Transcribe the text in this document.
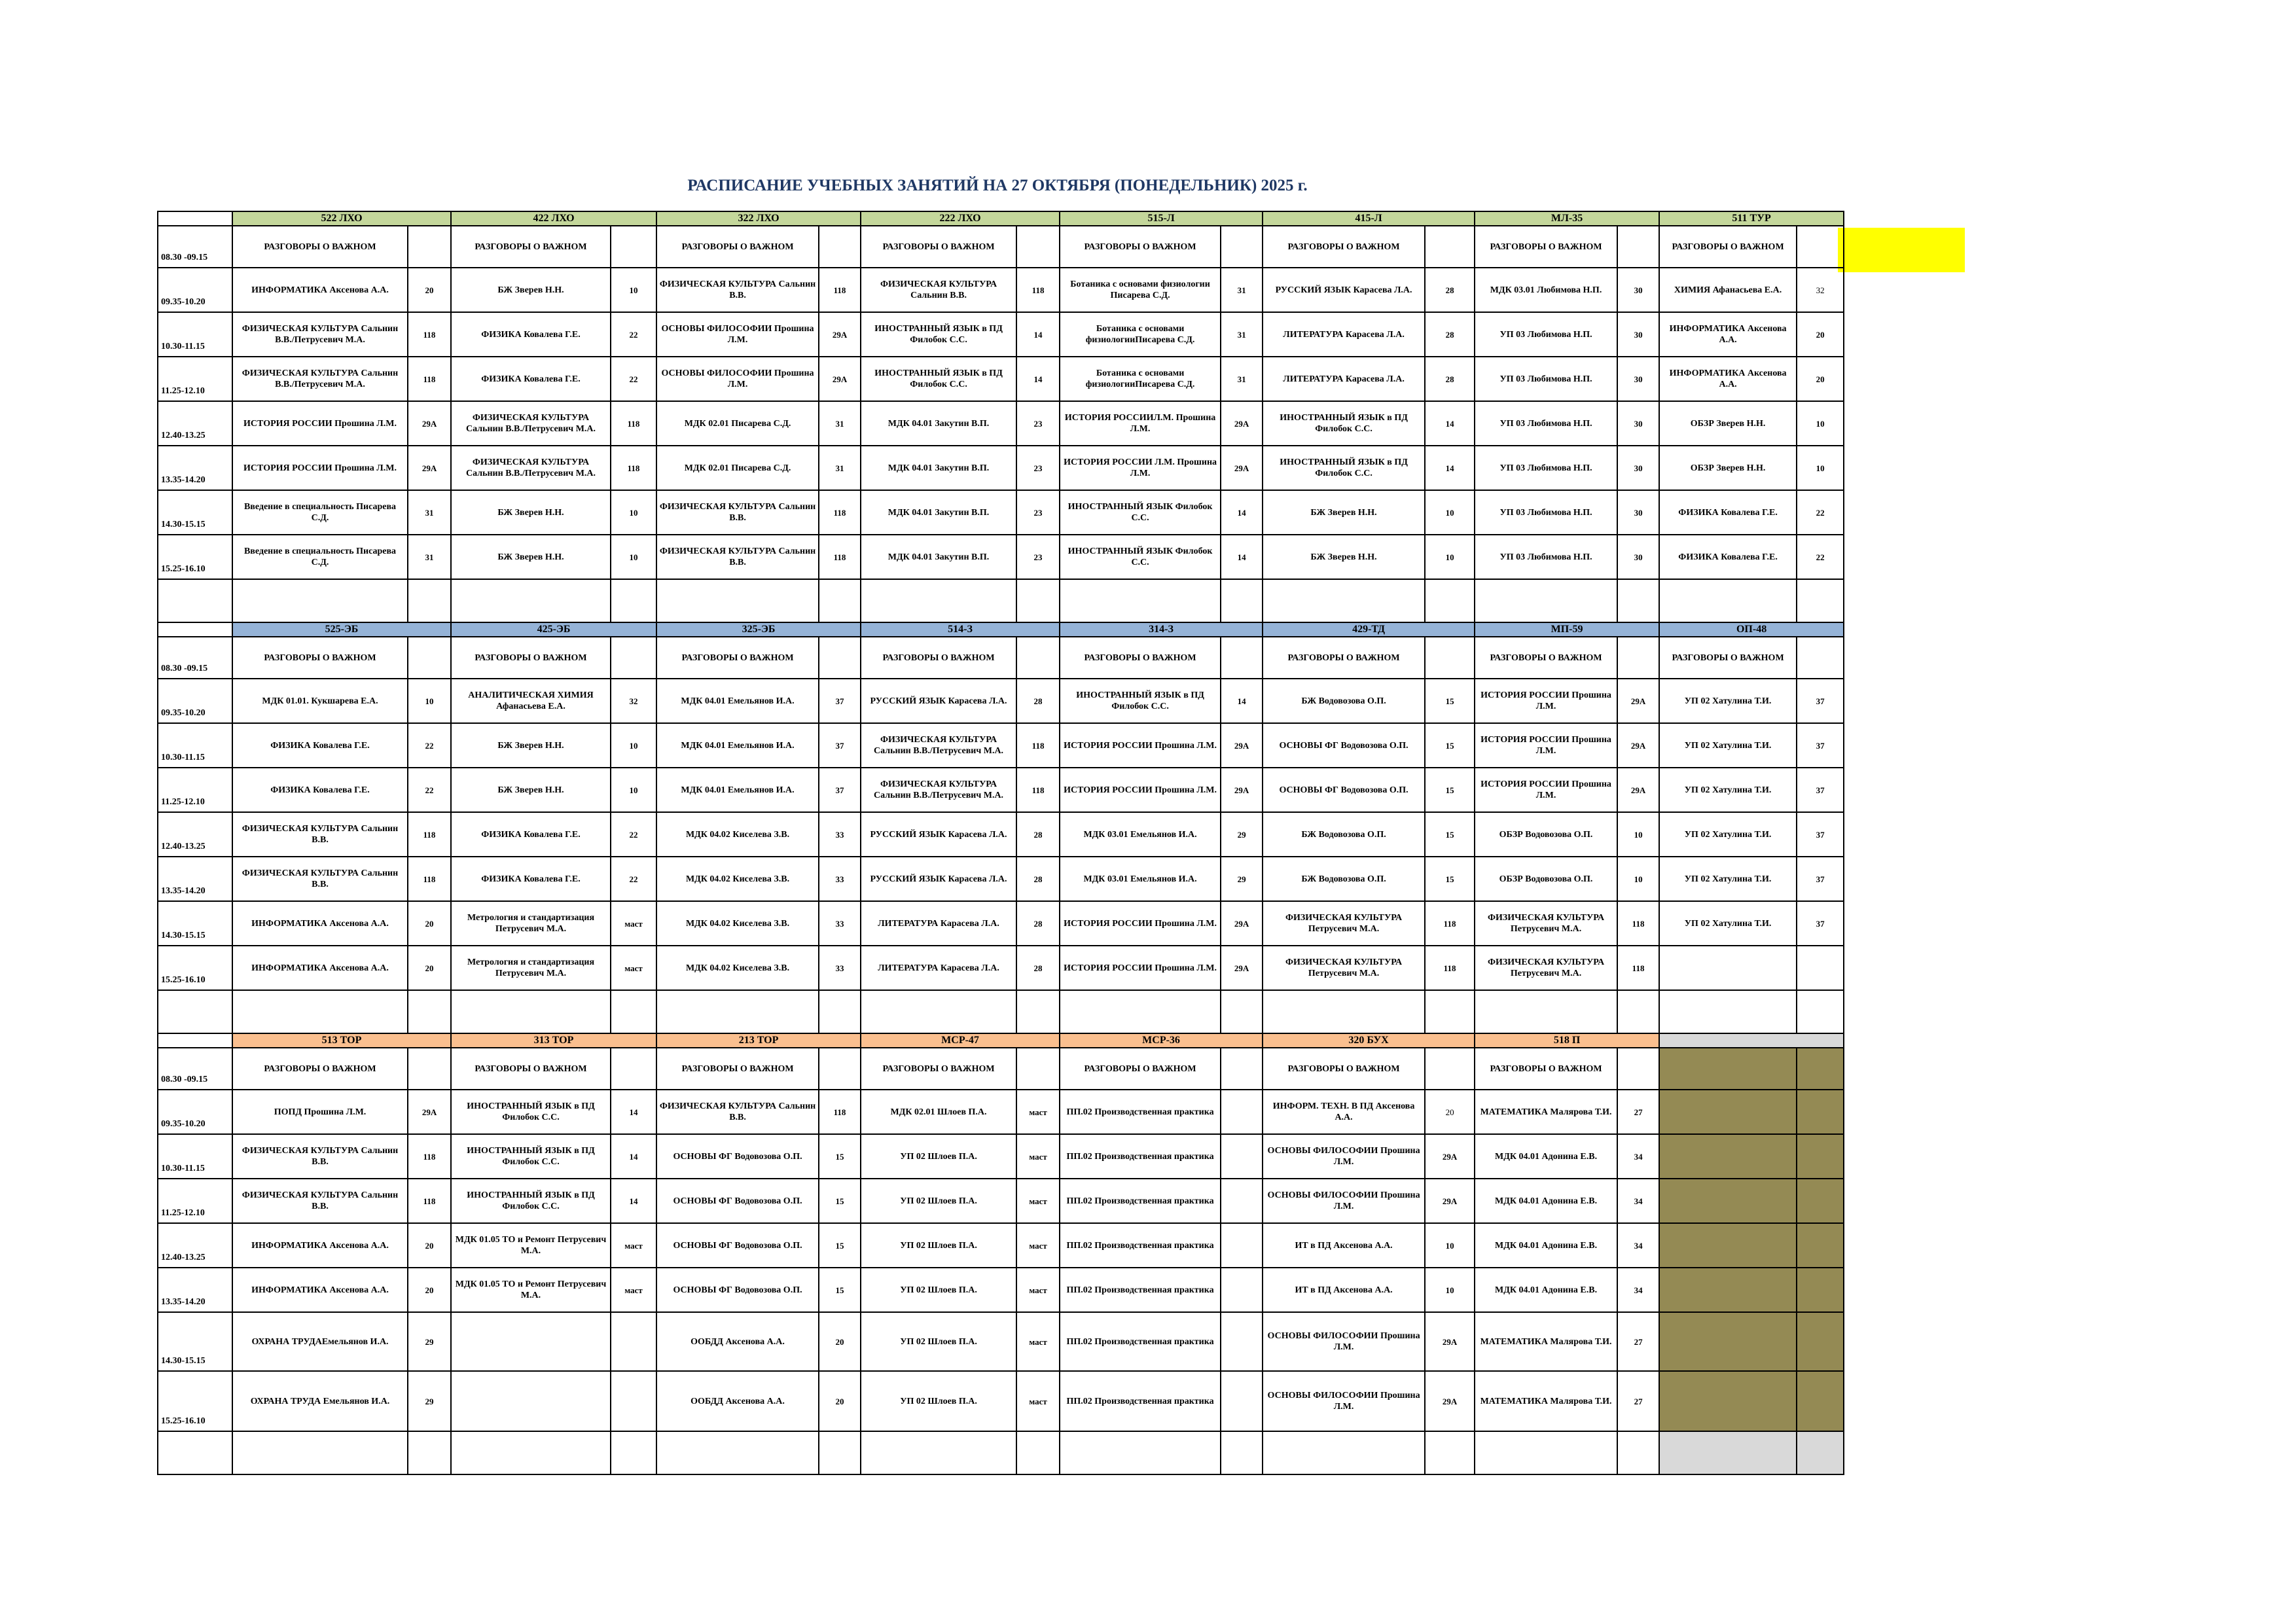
РАСПИСАНИЕ УЧЕБНЫХ ЗАНЯТИЙ НА 27 ОКТЯБРЯ (ПОНЕДЕЛЬНИК) 2025 г.
	522 ЛХО		422 ЛХО		322 ЛХО		222 ЛХО		515-Л		415-Л		МЛ-35		511 ТУР	
08.30 -09.15	РАЗГОВОРЫ О ВАЖНОМ		РАЗГОВОРЫ О ВАЖНОМ		РАЗГОВОРЫ О ВАЖНОМ		РАЗГОВОРЫ О ВАЖНОМ		РАЗГОВОРЫ О ВАЖНОМ		РАЗГОВОРЫ О ВАЖНОМ		РАЗГОВОРЫ О ВАЖНОМ		РАЗГОВОРЫ О ВАЖНОМ	
09.35-10.20	ИНФОРМАТИКА Аксенова А.А.	20	БЖ Зверев Н.Н.	10	ФИЗИЧЕСКАЯ КУЛЬТУРА Сальнин В.В.	118	ФИЗИЧЕСКАЯ КУЛЬТУРА Сальнин В.В.	118	Ботаника с основами физиологии Писарева С.Д.	31	РУССКИЙ ЯЗЫК Карасева Л.А.	28	МДК 03.01 Любимова Н.П.	30	ХИМИЯ Афанасьева Е.А.	32
10.30-11.15	ФИЗИЧЕСКАЯ КУЛЬТУРА Сальнин В.В./Петрусевич М.А.	118	ФИЗИКА Ковалева Г.Е.	22	ОСНОВЫ ФИЛОСОФИИ Прошина Л.М.	29А	ИНОСТРАННЫЙ ЯЗЫК в ПД Филобок С.С.	14	Ботаника с основами физиологииПисарева С.Д.	31	ЛИТЕРАТУРА Карасева Л.А.	28	УП 03 Любимова Н.П.	30	ИНФОРМАТИКА Аксенова А.А.	20
11.25-12.10	ФИЗИЧЕСКАЯ КУЛЬТУРА Сальнин В.В./Петрусевич М.А.	118	ФИЗИКА Ковалева Г.Е.	22	ОСНОВЫ ФИЛОСОФИИ Прошина Л.М.	29А	ИНОСТРАННЫЙ ЯЗЫК в ПД Филобок С.С.	14	Ботаника с основами физиологииПисарева С.Д.	31	ЛИТЕРАТУРА Карасева Л.А.	28	УП 03 Любимова Н.П.	30	ИНФОРМАТИКА Аксенова А.А.	20
12.40-13.25	ИСТОРИЯ РОССИИ Прошина Л.М.	29А	ФИЗИЧЕСКАЯ КУЛЬТУРА Сальнин В.В./Петрусевич М.А.	118	МДК 02.01 Писарева С.Д.	31	МДК 04.01 Закутин В.П.	23	ИСТОРИЯ РОССИИЛ.М. Прошина Л.М.	29А	ИНОСТРАННЫЙ ЯЗЫК в ПД Филобок С.С.	14	УП 03 Любимова Н.П.	30	ОБЗР Зверев Н.Н.	10
13.35-14.20	ИСТОРИЯ РОССИИ Прошина Л.М.	29А	ФИЗИЧЕСКАЯ КУЛЬТУРА Сальнин В.В./Петрусевич М.А.	118	МДК 02.01 Писарева С.Д.	31	МДК 04.01 Закутин В.П.	23	ИСТОРИЯ РОССИИ Л.М. Прошина Л.М.	29А	ИНОСТРАННЫЙ ЯЗЫК в ПД Филобок С.С.	14	УП 03 Любимова Н.П.	30	ОБЗР Зверев Н.Н.	10
14.30-15.15	Введение в специальность Писарева С.Д.	31	БЖ Зверев Н.Н.	10	ФИЗИЧЕСКАЯ КУЛЬТУРА Сальнин В.В.	118	МДК 04.01 Закутин В.П.	23	ИНОСТРАННЫЙ ЯЗЫК Филобок С.С.	14	БЖ Зверев Н.Н.	10	УП 03 Любимова Н.П.	30	ФИЗИКА Ковалева Г.Е.	22
15.25-16.10	Введение в специальность Писарева С.Д.	31	БЖ Зверев Н.Н.	10	ФИЗИЧЕСКАЯ КУЛЬТУРА Сальнин В.В.	118	МДК 04.01 Закутин В.П.	23	ИНОСТРАННЫЙ ЯЗЫК Филобок С.С.	14	БЖ Зверев Н.Н.	10	УП 03 Любимова Н.П.	30	ФИЗИКА Ковалева Г.Е.	22

	525-ЭБ		425-ЭБ		325-ЭБ		514-З		314-З		429-ТД		МП-59		ОП-48	
08.30 -09.15	РАЗГОВОРЫ О ВАЖНОМ		РАЗГОВОРЫ О ВАЖНОМ		РАЗГОВОРЫ О ВАЖНОМ		РАЗГОВОРЫ О ВАЖНОМ		РАЗГОВОРЫ О ВАЖНОМ		РАЗГОВОРЫ О ВАЖНОМ		РАЗГОВОРЫ О ВАЖНОМ		РАЗГОВОРЫ О ВАЖНОМ	
09.35-10.20	МДК 01.01. Кукшарева Е.А.	10	АНАЛИТИЧЕСКАЯ ХИМИЯ Афанасьева Е.А.	32	МДК 04.01 Емельянов И.А.	37	РУССКИЙ ЯЗЫК Карасева Л.А.	28	ИНОСТРАННЫЙ ЯЗЫК в ПД Филобок С.С.	14	БЖ Водовозова О.П.	15	ИСТОРИЯ РОССИИ Прошина Л.М.	29А	УП 02 Хатулина Т.И.	37
10.30-11.15	ФИЗИКА Ковалева Г.Е.	22	БЖ Зверев Н.Н.	10	МДК 04.01 Емельянов И.А.	37	ФИЗИЧЕСКАЯ КУЛЬТУРА Сальнин В.В./Петрусевич М.А.	118	ИСТОРИЯ РОССИИ Прошина Л.М.	29А	ОСНОВЫ ФГ Водовозова О.П.	15	ИСТОРИЯ РОССИИ Прошина Л.М.	29А	УП 02 Хатулина Т.И.	37
11.25-12.10	ФИЗИКА Ковалева Г.Е.	22	БЖ Зверев Н.Н.	10	МДК 04.01 Емельянов И.А.	37	ФИЗИЧЕСКАЯ КУЛЬТУРА Сальнин В.В./Петрусевич М.А.	118	ИСТОРИЯ РОССИИ Прошина Л.М.	29А	ОСНОВЫ ФГ Водовозова О.П.	15	ИСТОРИЯ РОССИИ Прошина Л.М.	29А	УП 02 Хатулина Т.И.	37
12.40-13.25	ФИЗИЧЕСКАЯ КУЛЬТУРА Сальнин В.В.	118	ФИЗИКА Ковалева Г.Е.	22	МДК 04.02 Киселева З.В.	33	РУССКИЙ ЯЗЫК Карасева Л.А.	28	МДК 03.01 Емельянов И.А.	29	БЖ Водовозова О.П.	15	ОБЗР Водовозова О.П.	10	УП 02 Хатулина Т.И.	37
13.35-14.20	ФИЗИЧЕСКАЯ КУЛЬТУРА Сальнин В.В.	118	ФИЗИКА Ковалева Г.Е.	22	МДК 04.02 Киселева З.В.	33	РУССКИЙ ЯЗЫК Карасева Л.А.	28	МДК 03.01 Емельянов И.А.	29	БЖ Водовозова О.П.	15	ОБЗР Водовозова О.П.	10	УП 02 Хатулина Т.И.	37
14.30-15.15	ИНФОРМАТИКА Аксенова А.А.	20	Метрология и стандартизация Петрусевич М.А.	маст	МДК 04.02 Киселева З.В.	33	ЛИТЕРАТУРА Карасева Л.А.	28	ИСТОРИЯ РОССИИ Прошина Л.М.	29А	ФИЗИЧЕСКАЯ КУЛЬТУРА Петрусевич М.А.	118	ФИЗИЧЕСКАЯ КУЛЬТУРА Петрусевич М.А.	118	УП 02 Хатулина Т.И.	37
15.25-16.10	ИНФОРМАТИКА Аксенова А.А.	20	Метрология и стандартизация Петрусевич М.А.	маст	МДК 04.02 Киселева З.В.	33	ЛИТЕРАТУРА Карасева Л.А.	28	ИСТОРИЯ РОССИИ Прошина Л.М.	29А	ФИЗИЧЕСКАЯ КУЛЬТУРА Петрусевич М.А.	118	ФИЗИЧЕСКАЯ КУЛЬТУРА Петрусевич М.А.	118		

	513 ТОР		313 ТОР		213 ТОР		МСР-47		МСР-36		320 БУХ		518 П			
08.30 -09.15	РАЗГОВОРЫ О ВАЖНОМ		РАЗГОВОРЫ О ВАЖНОМ		РАЗГОВОРЫ О ВАЖНОМ		РАЗГОВОРЫ О ВАЖНОМ		РАЗГОВОРЫ О ВАЖНОМ		РАЗГОВОРЫ О ВАЖНОМ		РАЗГОВОРЫ О ВАЖНОМ			
09.35-10.20	ПОПД Прошина Л.М.	29А	ИНОСТРАННЫЙ ЯЗЫК в ПД Филобок С.С.	14	ФИЗИЧЕСКАЯ КУЛЬТУРА Сальнин В.В.	118	МДК 02.01 Шлоев П.А.	маст	ПП.02 Производственная практика		ИНФОРМ. ТЕХН. В ПД Аксенова А.А.	20	МАТЕМАТИКА Малярова Т.И.	27		
10.30-11.15	ФИЗИЧЕСКАЯ КУЛЬТУРА Сальнин В.В.	118	ИНОСТРАННЫЙ ЯЗЫК в ПД Филобок С.С.	14	ОСНОВЫ ФГ Водовозова О.П.	15	УП 02 Шлоев П.А.	маст	ПП.02 Производственная практика		ОСНОВЫ ФИЛОСОФИИ Прошина Л.М.	29А	МДК 04.01 Адонина Е.В.	34		
11.25-12.10	ФИЗИЧЕСКАЯ КУЛЬТУРА Сальнин В.В.	118	ИНОСТРАННЫЙ ЯЗЫК в ПД Филобок С.С.	14	ОСНОВЫ ФГ Водовозова О.П.	15	УП 02 Шлоев П.А.	маст	ПП.02 Производственная практика		ОСНОВЫ ФИЛОСОФИИ Прошина Л.М.	29А	МДК 04.01 Адонина Е.В.	34		
12.40-13.25	ИНФОРМАТИКА Аксенова А.А.	20	МДК 01.05 ТО и Ремонт Петрусевич М.А.	маст	ОСНОВЫ ФГ Водовозова О.П.	15	УП 02 Шлоев П.А.	маст	ПП.02 Производственная практика		ИТ в ПД Аксенова А.А.	10	МДК 04.01 Адонина Е.В.	34		
13.35-14.20	ИНФОРМАТИКА Аксенова А.А.	20	МДК 01.05 ТО и Ремонт Петрусевич М.А.	маст	ОСНОВЫ ФГ Водовозова О.П.	15	УП 02 Шлоев П.А.	маст	ПП.02 Производственная практика		ИТ в ПД Аксенова А.А.	10	МДК 04.01 Адонина Е.В.	34		
14.30-15.15	ОХРАНА ТРУДАЕмельянов И.А.	29			ООБДД Аксенова А.А.	20	УП 02 Шлоев П.А.	маст	ПП.02 Производственная практика		ОСНОВЫ ФИЛОСОФИИ Прошина Л.М.	29А	МАТЕМАТИКА Малярова Т.И.	27		
15.25-16.10	ОХРАНА ТРУДА Емельянов И.А.	29			ООБДД Аксенова А.А.	20	УП 02 Шлоев П.А.	маст	ПП.02 Производственная практика		ОСНОВЫ ФИЛОСОФИИ Прошина Л.М.	29А	МАТЕМАТИКА Малярова Т.И.	27		
